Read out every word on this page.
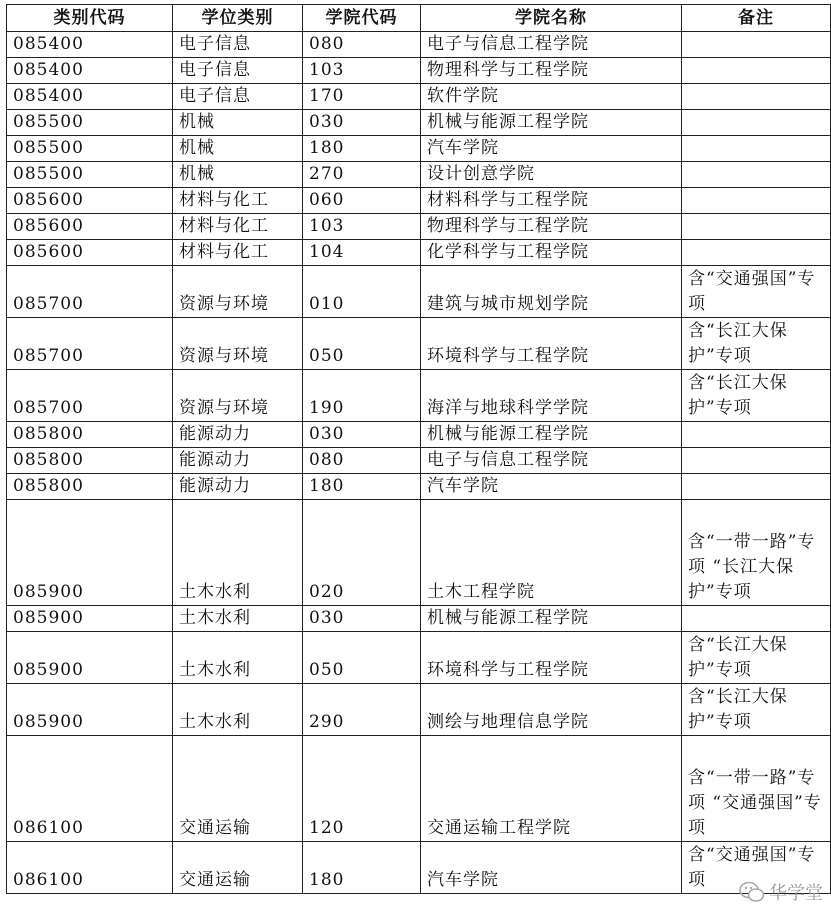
类别代码	学位类别	学院代码	学院名称	备注
085400	电子信息	080	电子与信息工程学院	
085400	电子信息	103	物理科学与工程学院	
085400	电子信息	170	软件学院	
085500	机械	030	机械与能源工程学院	
085500	机械	180	汽车学院	
085500	机械	270	设计创意学院	
085600	材料与化工	060	材料科学与工程学院	
085600	材料与化工	103	物理科学与工程学院	
085600	材料与化工	104	化学科学与工程学院	
085700	资源与环境	010	建筑与城市规划学院	含“交通强国”专项
085700	资源与环境	050	环境科学与工程学院	含“长江大保护”专项
085700	资源与环境	190	海洋与地球科学学院	含“长江大保护”专项
085800	能源动力	030	机械与能源工程学院	
085800	能源动力	080	电子与信息工程学院	
085800	能源动力	180	汽车学院	
085900	土木水利	020	土木工程学院	含“一带一路”专项 “长江大保护”专项
085900	土木水利	030	机械与能源工程学院	
085900	土木水利	050	环境科学与工程学院	含“长江大保护”专项
085900	土木水利	290	测绘与地理信息学院	含“长江大保护”专项
086100	交通运输	120	交通运输工程学院	含“一带一路”专项 “交通强国”专项
086100	交通运输	180	汽车学院	含“交通强国”专项
华学堂
